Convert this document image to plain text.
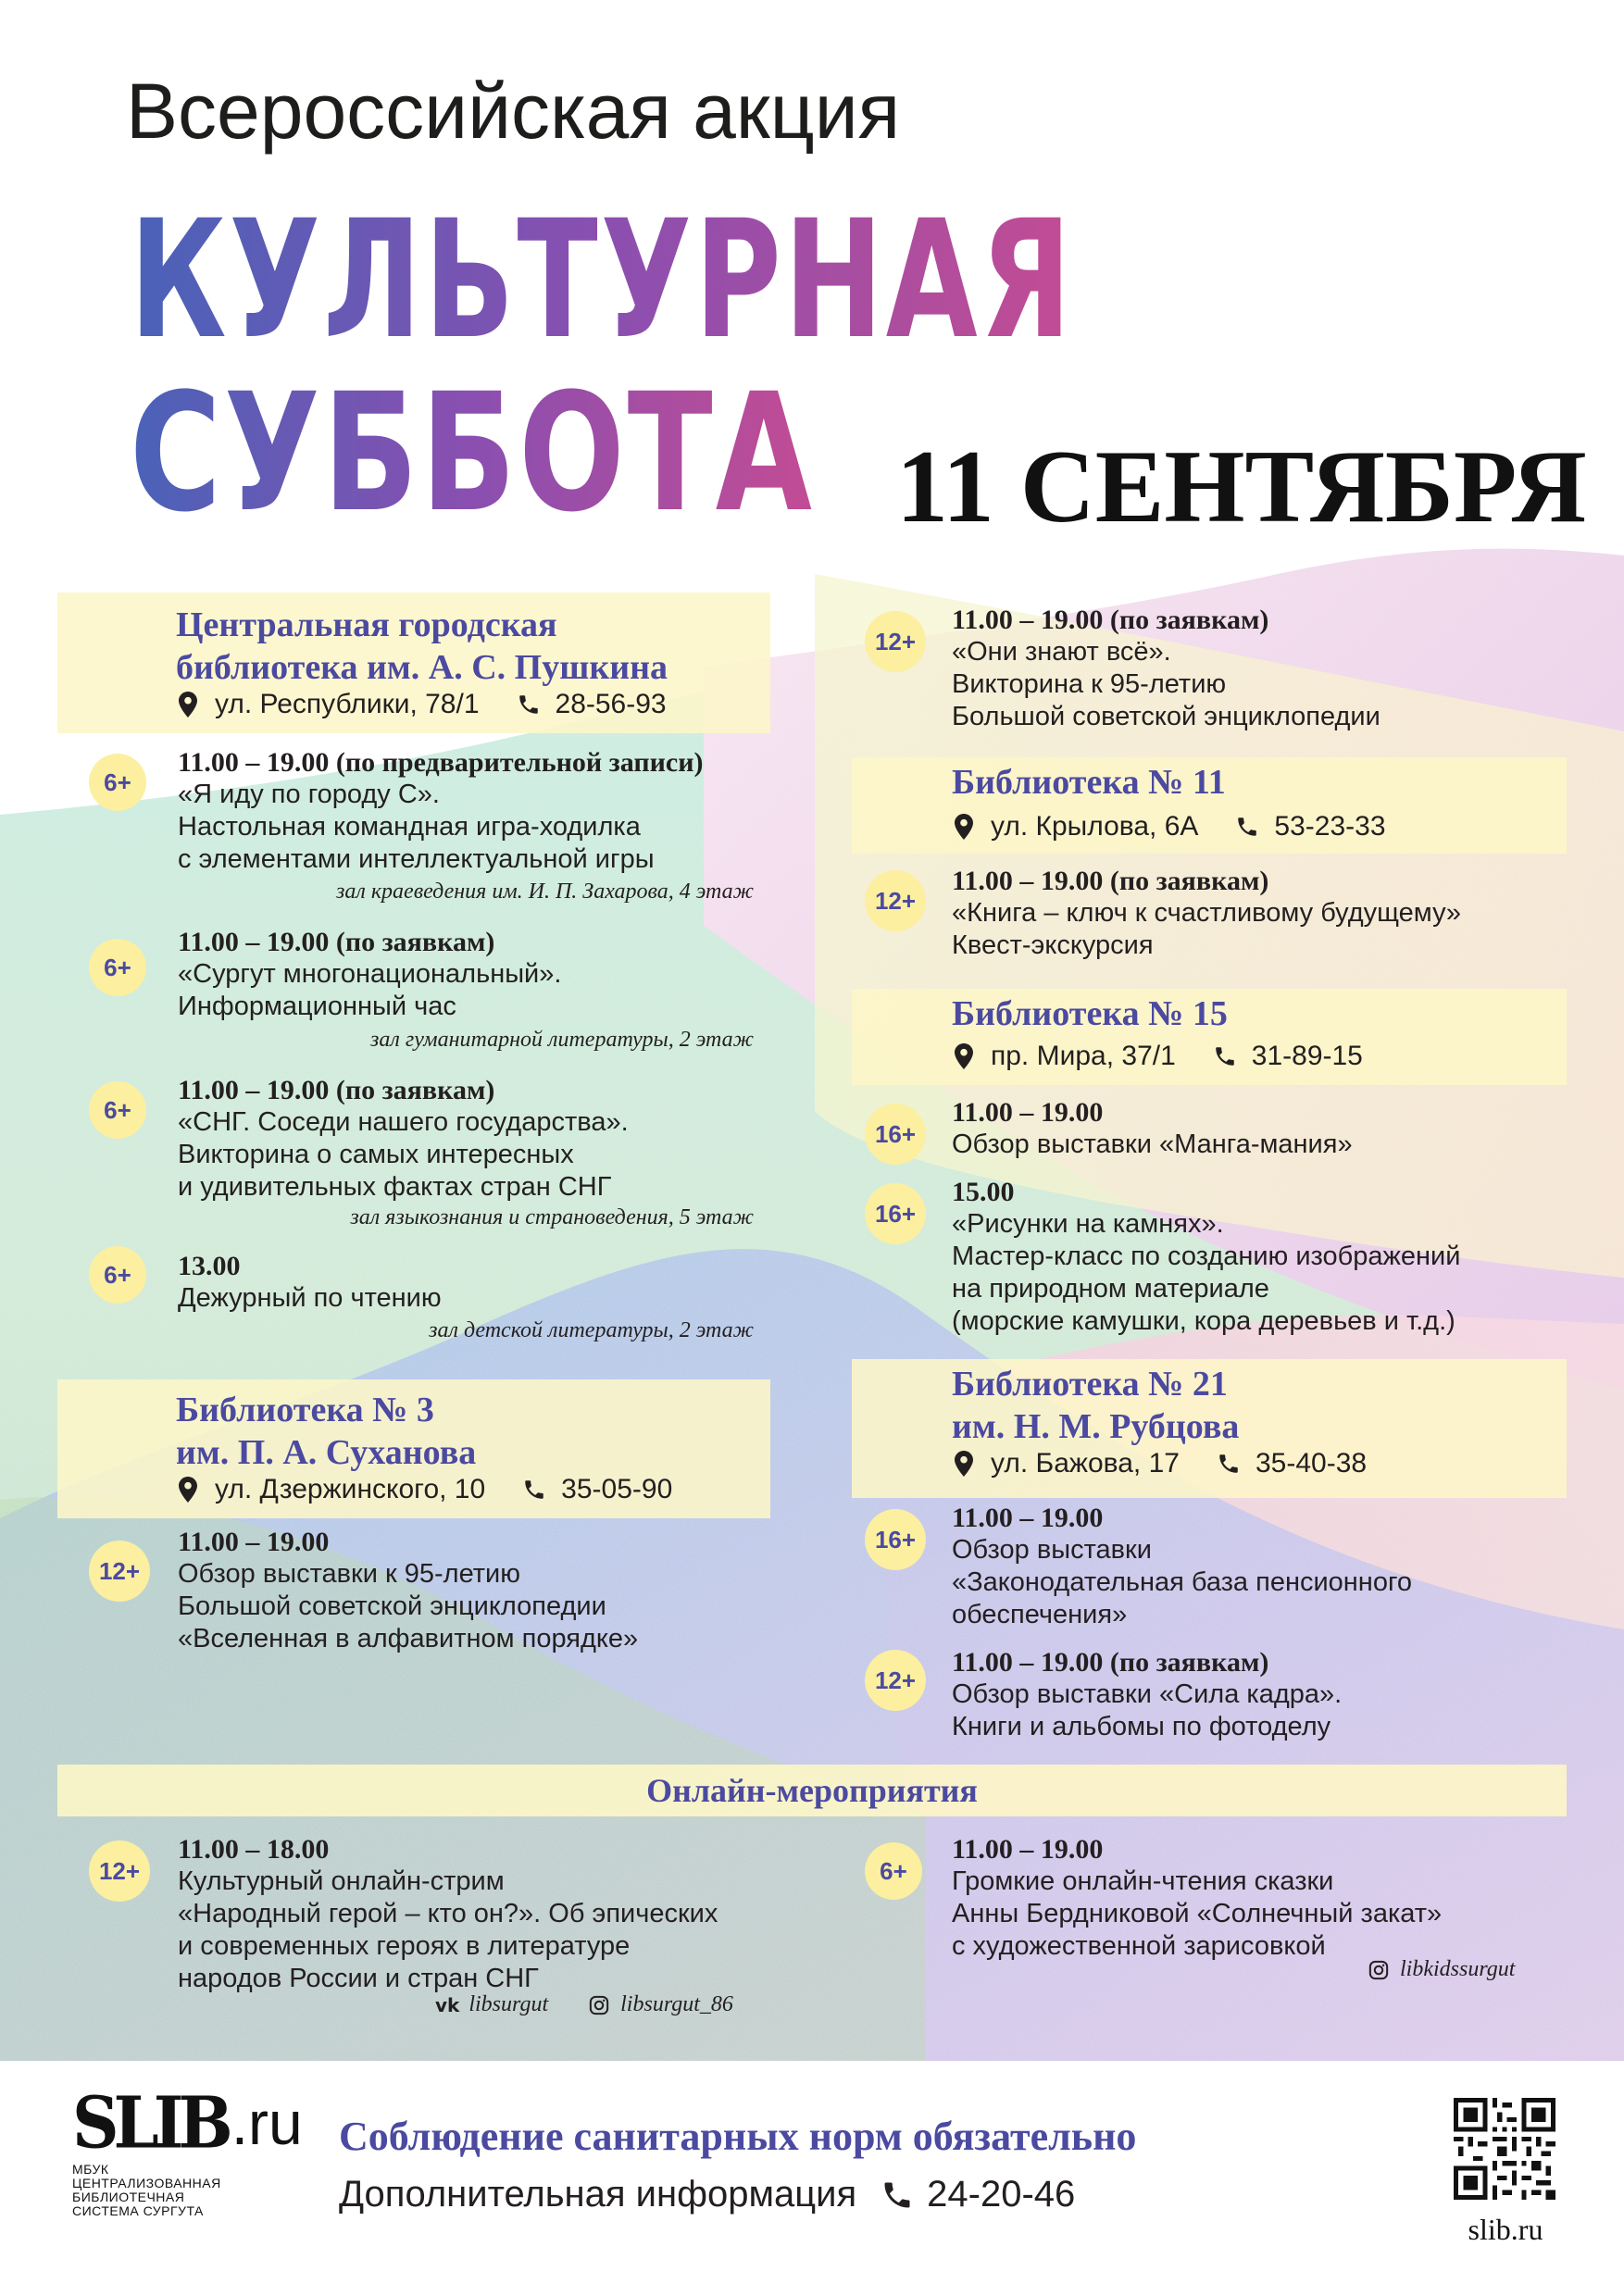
Всероссийская акция
КУЛЬТУРНАЯ
СУББОТА 11 СЕНТЯБРЯ
Центральная городская
библиотека им. А. С. Пушкина
ул. Республики, 78/1	28-56-93
6+
11.00 – 19.00 (по предварительной записи)
«Я иду по городу С».
Настольная командная игра-ходилка
с элементами интеллектуальной игры
зал краеведения им. И. П. Захарова, 4 этаж
6+
11.00 – 19.00 (по заявкам)
«Сургут многонациональный».
Информационный час
зал гуманитарной литературы, 2 этаж
6+
11.00 – 19.00 (по заявкам)
«СНГ. Соседи нашего государства».
Викторина о самых интересных
и удивительных фактах стран СНГ
зал языкознания и страноведения, 5 этаж
6+	13.00
Дежурный по чтению
зал детской литературы, 2 этаж
Библиотека № 3
им. П. А. Суханова
ул. Дзержинского, 10	35-05-90
12+
11.00 – 19.00
Обзор выставки к 95-летию
Большой советской энциклопедии
«Вселенная в алфавитном порядке»
12+
11.00 – 19.00 (по заявкам)
«Они знают всё».
Викторина к 95-летию
Большой советской энциклопедии
Библиотека № 11
ул. Крылова, 6А	53-23-33
12+
11.00 – 19.00 (по заявкам)
«Книга – ключ к счастливому будущему»
Квест-экскурсия
Библиотека № 15
пр. Мира, 37/1	31-89-15
16+
11.00 – 19.00
Обзор выставки «Манга-мания»
16+
15.00
«Рисунки на камнях».
Мастер-класс по созданию изображений
на природном материале
(морские камушки, кора деревьев и т.д.)
Библиотека № 21
им. Н. М. Рубцова
ул. Бажова, 17	35-40-38
16+
11.00 – 19.00
Обзор выставки
«Законодательная база пенсионного
обеспечения»
12+
11.00 – 19.00 (по заявкам)
Обзор выставки «Сила кадра».
Книги и альбомы по фотоделу
Онлайн-мероприятия
12+
11.00 – 18.00
Культурный онлайн-стрим
«Народный герой – кто он?». Об эпических
и современных героях в литературе
народов России и стран СНГ
vk libsurgut	libsurgut_86
6+
11.00 – 19.00
Громкие онлайн-чтения сказки
Анны Бердниковой «Солнечный закат»
с художественной зарисовкой
libkidssurgut
SLIB .ru
МБУК
ЦЕНТРАЛИЗОВАННАЯ БИБЛИОТЕЧНАЯ
СИСТЕМА СУРГУТА
Соблюдение санитарных норм обязательно
Дополнительная информация 24-20-46
slib.ru
